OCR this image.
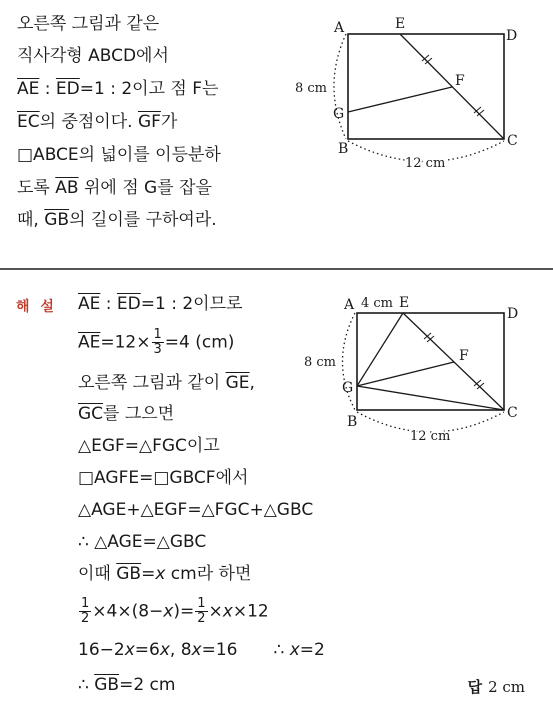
오른쪽 그림과 같은
직사각형 ABCD에서
$\overline{AE}$ : $\overline{ED}=1$ : 2이고 점 F는
$\overline{EC}$의 중점이다. $\overline{GF}$가
□ABCE의 넓이를 이등분하
도록 $\overline{AB}$ 위에 점 G를 잡을
때, $\overline{GB}$의 길이를 구하여라.
A	E
D
F
G
B	C
8 cm
12 cm
해 설 $\overline{AE}$ : $\overline{ED}=1$ : 2이므로
$\overline{AE}=12\times \frac{1}{3} =4$ (cm)
오른쪽 그림과 같이 $\overline{GE}$,
$\overline{GC}$를 그으면
△EGF=△FGC이고
□AGFE=□GBCF에서
△AGE+△EGF=△FGC+△GBC
∴ △AGE=△GBC
이때 $\overline{GB}=x$ cm라 하면
$\frac{1}{2} \times 4\times(8-x)= \frac{1}{2} \times x\times 12$
16−2x=6x, 8x=16 ∴ x=2
∴ $\overline{GB}=2$ cm
A 4 cm E
D
F
G
B
C
8 cm
12 cm
답 2 cm
